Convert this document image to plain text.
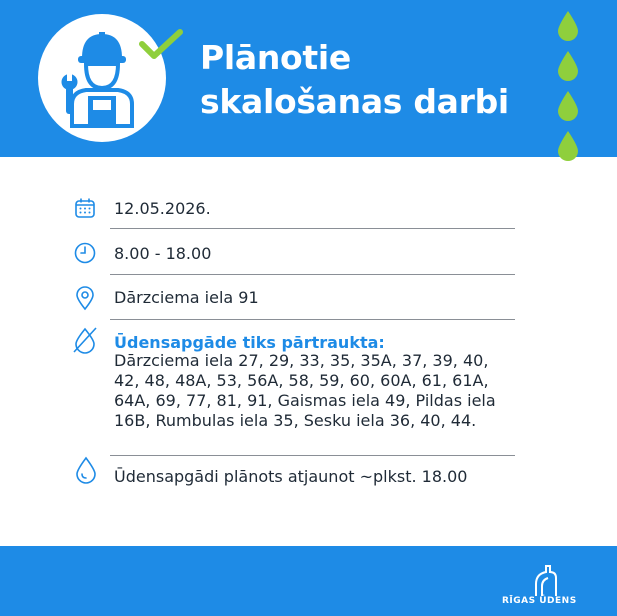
Plānotie
skalošanas darbi
12.05.2026.
8.00 - 18.00
Dārzciema iela 91
Ūdensapgāde tiks pārtraukta:
Dārzciema iela 27, 29, 33, 35, 35A, 37, 39, 40, 42, 48, 48A, 53, 56A, 58, 59, 60, 60A, 61, 61A, 64A, 69, 77, 81, 91, Gaismas iela 49, Pildas iela 16B, Rumbulas iela 35, Sesku iela 36, 40, 44.
Ūdensapgādi plānots atjaunot ~plkst. 18.00
RĪGAS ŪDENS
